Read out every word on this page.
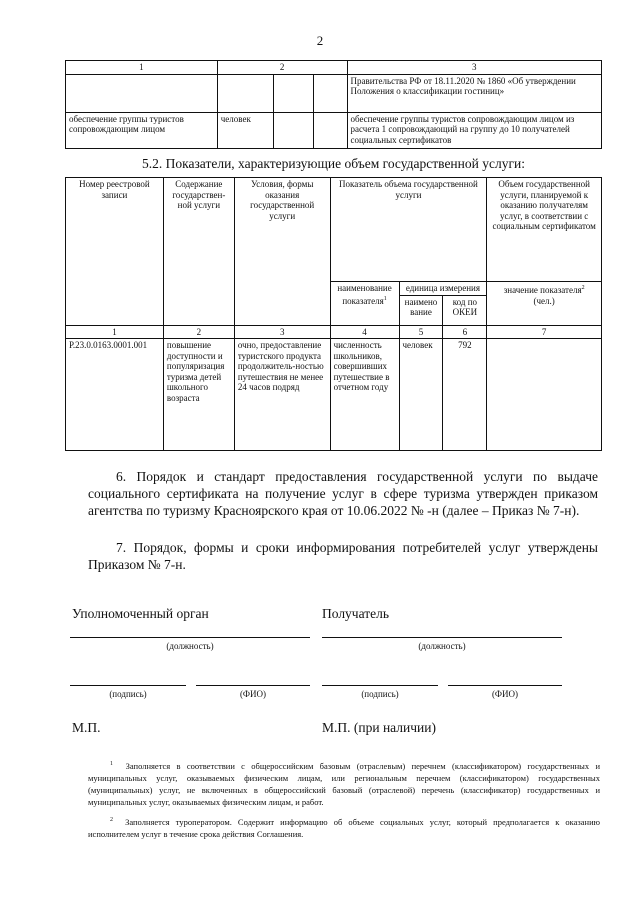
2
1	2			3
				Правительства РФ от 18.11.2020 № 1860 «Об утверждении Положения о классификации гостиниц»
обеспечение группы туристов сопровождающим лицом	человек			обеспечение группы туристов сопровождающим лицом из расчета 1 сопровождающий на группу до 10 получателей социальных сертификатов
5.2. Показатели, характеризующие объем государственной услуги:
Номер реестровой записи	Содержание государствен-ной услуги	Условия, формы оказания государственной услуги	Показатель объема государственной услуги			Объем государственной услуги, планируемой к оказанию получателям услуг, в соответствии с социальным сертификатом
			наименование показателя$^1$	единица измерения		значение показателя$^2$
(чел.)
				наимено вание	код по ОКЕИ	
1	2	3	4	5	6	7
Р.23.0.0163.0001.001	повышение доступности и популяризация туризма детей школьного возраста	очно, предоставление туристского продукта продолжитель-ностью путешествия не менее 24 часов подряд	численность школьников, совершивших путешествие в отчетном году	человек	792	
6. Порядок и стандарт предоставления государственной услуги по выдаче социального сертификата на получение услуг в сфере туризма утвержден приказом агентства по туризму Красноярского края от 10.06.2022 № -н (далее – Приказ № 7-н).
7. Порядок, формы и сроки информирования потребителей услуг утверждены Приказом № 7-н.
Уполномоченный орган	Получатель
(должность)	(должность)
(подпись)	(ФИО)	(подпись)	(ФИО)
М.П.	М.П. (при наличии)
$^1$ Заполняется в соответствии с общероссийским базовым (отраслевым) перечнем (классификатором) государственных и муниципальных услуг, оказываемых физическим лицам, или региональным перечнем (классификатором) государственных (муниципальных) услуг, не включенных в общероссийский базовый (отраслевой) перечень (классификатор) государственных и муниципальных услуг, оказываемых физическим лицам, и работ.
$^2$ Заполняется туроператором. Содержит информацию об объеме социальных услуг, который предполагается к оказанию исполнителем услуг в течение срока действия Соглашения.
